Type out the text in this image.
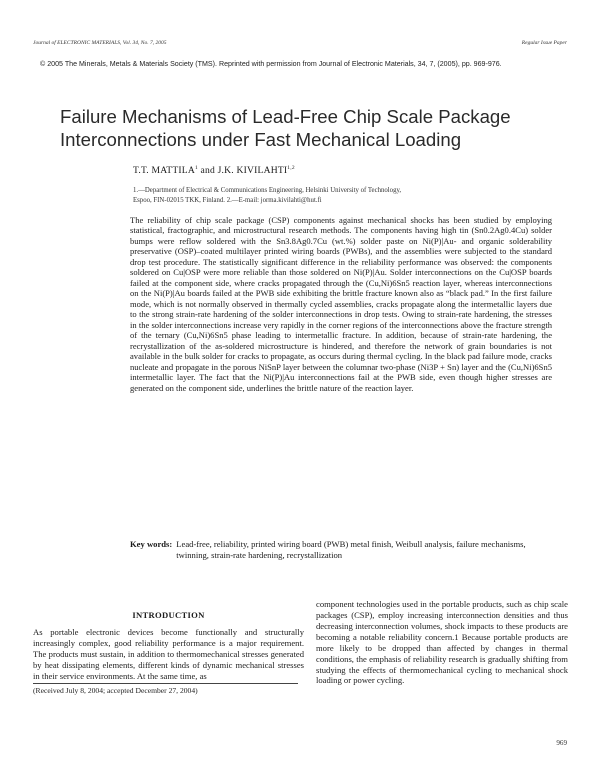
Journal of ELECTRONIC MATERIALS, Vol. 34, No. 7, 2005	Regular Issue Paper
© 2005 The Minerals, Metals & Materials Society (TMS). Reprinted with permission from Journal of Electronic Materials, 34, 7, (2005), pp. 969-976.
Failure Mechanisms of Lead-Free Chip Scale Package
Interconnections under Fast Mechanical Loading
T.T. MATTILA$^1$ and J.K. KIVILAHTI$^{1,2}$
1.—Department of Electrical & Communications Engineering, Helsinki University of Technology,
Espoo, FIN-02015 TKK, Finland. 2.—E-mail: jorma.kivilahti@hut.fi

The reliability of chip scale package (CSP) components against mechanical shocks has been studied by employing statistical, fractographic, and microstructural research methods. The components having high tin (Sn0.2Ag0.4Cu) solder bumps were reflow soldered with the Sn3.8Ag0.7Cu (wt.%) solder paste on Ni(P)|Au- and organic solderability preservative (OSP)–coated multilayer printed wiring boards (PWBs), and the assemblies were subjected to the standard drop test procedure. The statistically significant difference in the reliability performance was observed: the components soldered on Cu|OSP were more reliable than those soldered on Ni(P)|Au. Solder interconnections on the Cu|OSP boards failed at the component side, where cracks propagated through the (Cu,Ni)6Sn5 reaction layer, whereas interconnections on the Ni(P)|Au boards failed at the PWB side exhibiting the brittle fracture known also as “black pad.” In the first failure mode, which is not normally observed in thermally cycled assemblies, cracks propagate along the intermetallic layers due to the strong strain-rate hardening of the solder interconnections in drop tests. Owing to strain-rate hardening, the stresses in the solder interconnections increase very rapidly in the corner regions of the interconnections above the fracture strength of the ternary (Cu,Ni)6Sn5 phase leading to intermetallic fracture. In addition, because of strain-rate hardening, the recrystallization of the as-soldered microstructure is hindered, and therefore the network of grain boundaries is not available in the bulk solder for cracks to propagate, as occurs during thermal cycling. In the black pad failure mode, cracks nucleate and propagate in the porous NiSnP layer between the columnar two-phase (Ni3P + Sn) layer and the (Cu,Ni)6Sn5 intermetallic layer. The fact that the Ni(P)|Au interconnections fail at the PWB side, even though higher stresses are generated on the component side, underlines the brittle nature of the reaction layer.

Key words: Lead-free, reliability, printed wiring board (PWB) metal finish, Weibull analysis, failure mechanisms, twinning, strain-rate hardening, recrystallization
INTRODUCTION

As portable electronic devices become functionally and structurally increasingly complex, good reliability performance is a major requirement. The products must sustain, in addition to thermomechanical stresses generated by heat dissipating elements, different kinds of dynamic mechanical stresses in their service environments. At the same time, as

component technologies used in the portable products, such as chip scale packages (CSP), employ increasing interconnection densities and thus decreasing interconnection volumes, shock impacts to these products are becoming a notable reliability concern.1 Because portable products are more likely to be dropped than affected by changes in thermal conditions, the emphasis of reliability research is gradually shifting from studying the effects of thermomechanical cycling to mechanical shock loading or power cycling.

(Received July 8, 2004; accepted December 27, 2004)
969
